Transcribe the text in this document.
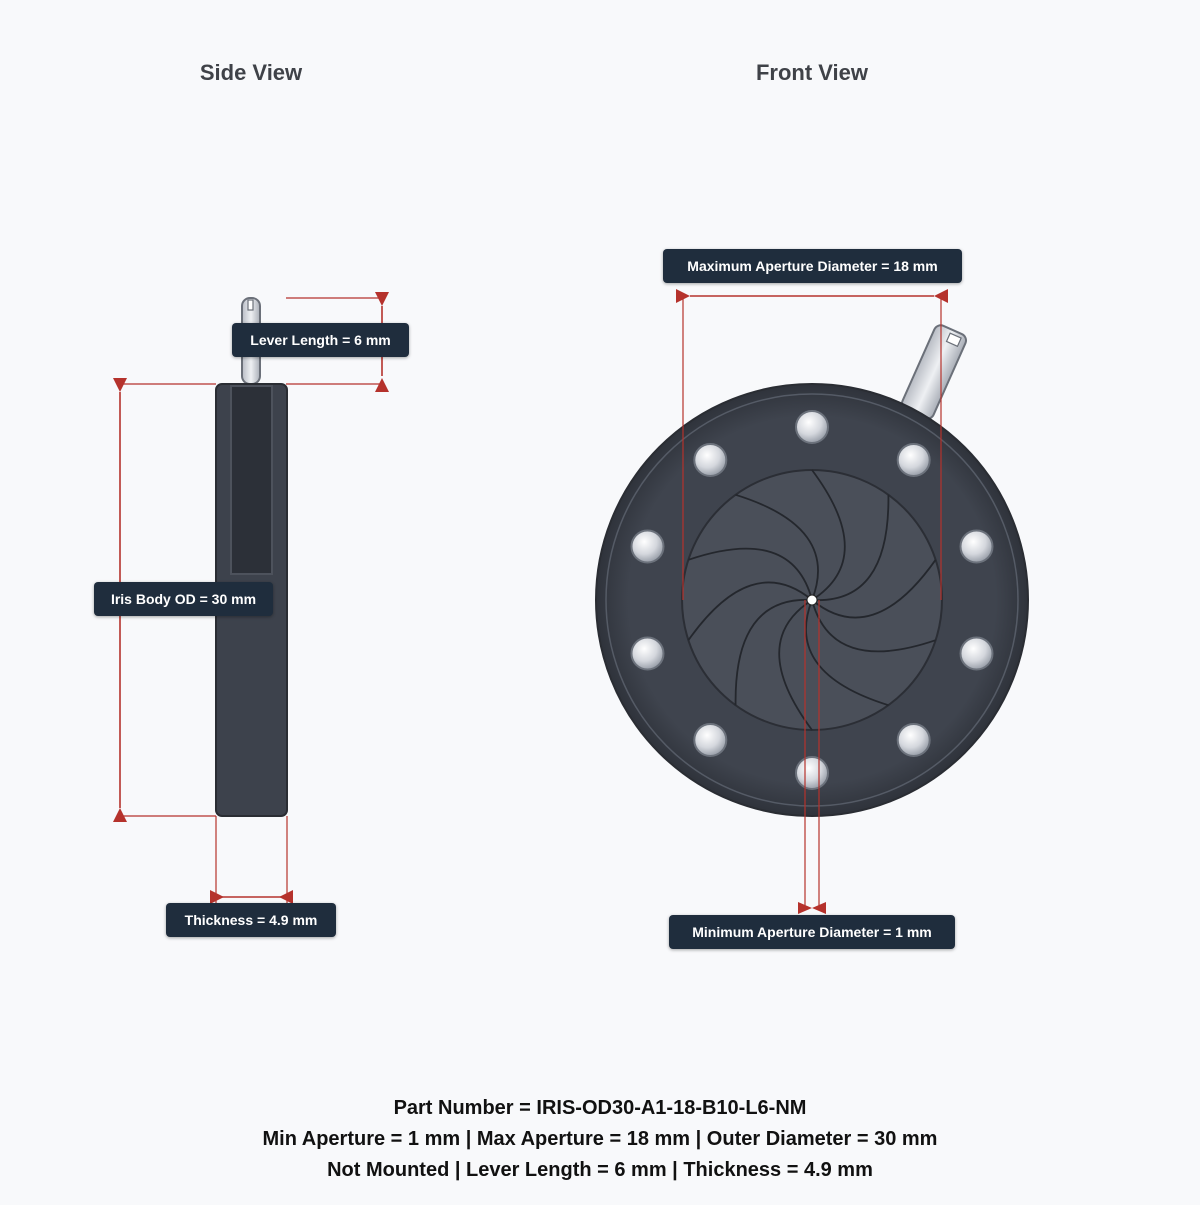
Side View	Front View
Lever Length = 6 mm
Iris Body OD = 30 mm
Thickness = 4.9 mm
Maximum Aperture Diameter = 18 mm
Minimum Aperture Diameter = 1 mm
Part Number = IRIS-OD30-A1-18-B10-L6-NM
Min Aperture = 1 mm | Max Aperture = 18 mm | Outer Diameter = 30 mm
Not Mounted | Lever Length = 6 mm | Thickness = 4.9 mm
